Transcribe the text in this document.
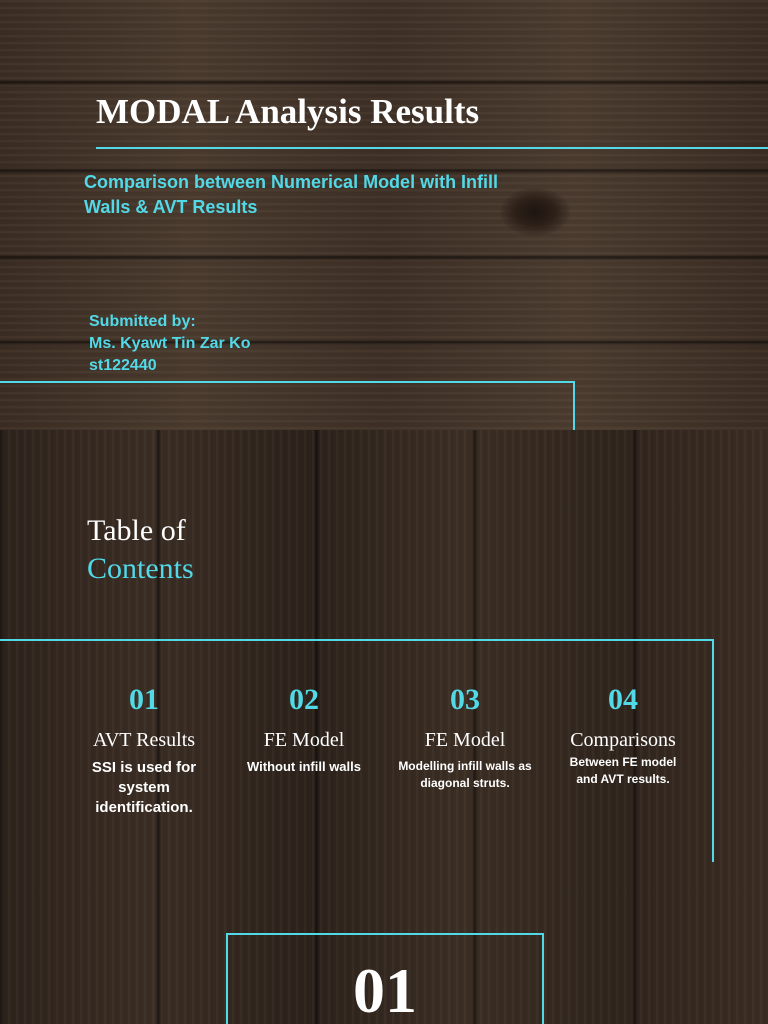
MODAL Analysis Results
Comparison between Numerical Model with Infill
Walls & AVT Results
Submitted by:
Ms. Kyawt Tin Zar Ko
st122440
Table of
Contents
01
AVT Results
SSI is used for system identification.
02
FE Model
Without infill walls
03
FE Model
Modelling infill walls as diagonal struts.
04
Comparisons
Between FE model and AVT results.
01
